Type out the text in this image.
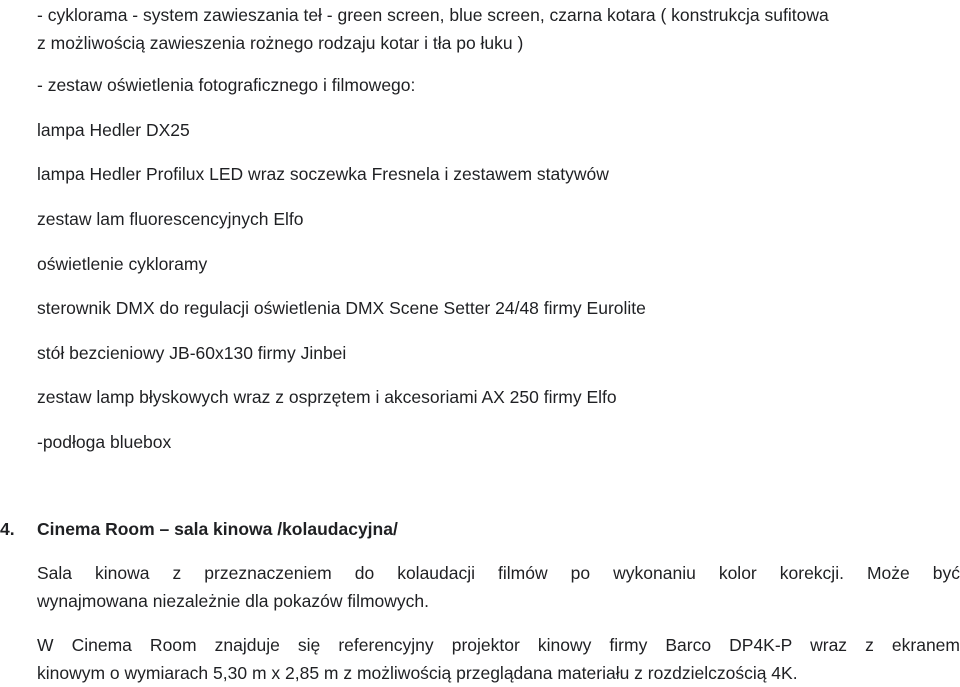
- cyklorama - system zawieszania teł - green screen, blue screen, czarna kotara ( konstrukcja sufitowa

z możliwością zawieszenia rożnego rodzaju kotar i tła po łuku )

- zestaw oświetlenia fotograficznego i filmowego:

lampa Hedler DX25

lampa Hedler Profilux LED wraz soczewka Fresnela i zestawem statywów

zestaw lam fluorescencyjnych Elfo

oświetlenie cykloramy

sterownik DMX do regulacji oświetlenia DMX Scene Setter 24/48 firmy Eurolite

stół bezcieniowy JB-60x130 firmy Jinbei

zestaw lamp błyskowych wraz z osprzętem i akcesoriami AX 250 firmy Elfo

-podłoga bluebox

4. Cinema Room – sala kinowa /kolaudacyjna/

Sala kinowa z przeznaczeniem do kolaudacji filmów po wykonaniu kolor korekcji. Może być

wynajmowana niezależnie dla pokazów filmowych.

W Cinema Room znajduje się referencyjny projektor kinowy firmy Barco DP4K-P wraz z ekranem

kinowym o wymiarach 5,30 m x 2,85 m z możliwością przeglądana materiału z rozdzielczością 4K.
